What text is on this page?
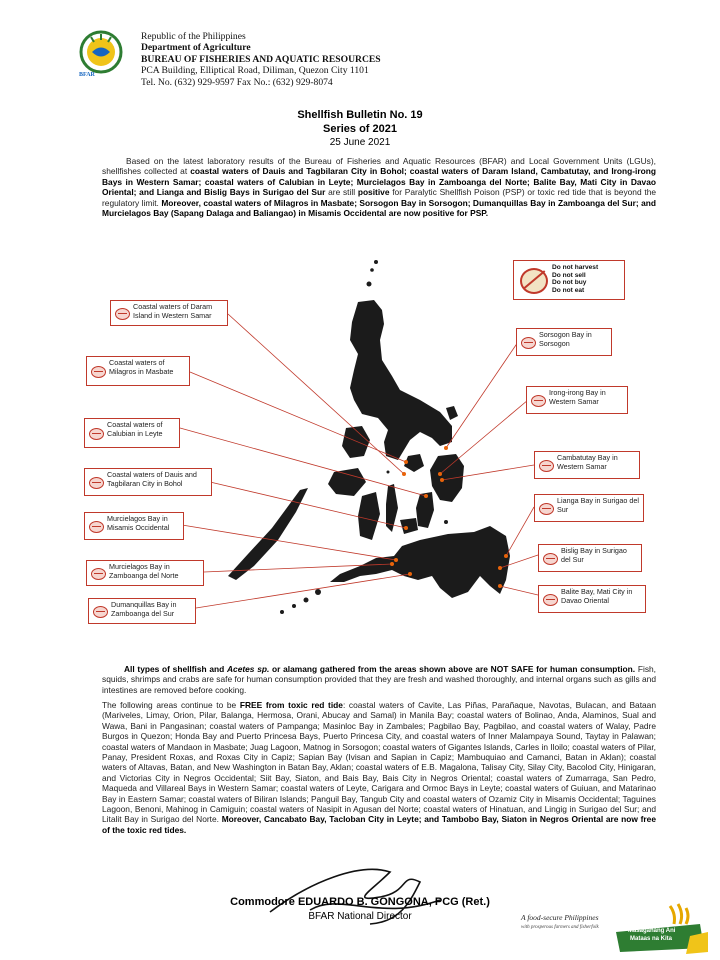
BFAR
Republic of the Philippines
Department of Agriculture
BUREAU OF FISHERIES AND AQUATIC RESOURCES
PCA Building, Elliptical Road, Diliman, Quezon City 1101
Tel. No. (632) 929-9597 Fax No.: (632) 929-8074
Shellfish Bulletin No. 19
Series of 2021
25 June 2021
Based on the latest laboratory results of the Bureau of Fisheries and Aquatic Resources (BFAR) and Local Government Units (LGUs), shellfishes collected at coastal waters of Dauis and Tagbilaran City in Bohol; coastal waters of Daram Island, Cambatutay, and Irong-irong Bays in Western Samar; coastal waters of Calubian in Leyte; Murcielagos Bay in Zamboanga del Norte; Balite Bay, Mati City in Davao Oriental; and Lianga and Bislig Bays in Surigao del Sur are still positive for Paralytic Shellfish Poison (PSP) or toxic red tide that is beyond the regulatory limit. Moreover, coastal waters of Milagros in Masbate; Sorsogon Bay in Sorsogon; Dumanquillas Bay in Zamboanga del Sur; and Murcielagos Bay (Sapang Dalaga and Baliangao) in Misamis Occidental are now positive for PSP.
Do not harvest
Do not sell
Do not buy
Do not eat
Coastal waters of Daram Island in Western Samar
Coastal waters of Milagros in Masbate
Coastal waters of Calubian in Leyte
Coastal waters of Dauis and Tagbilaran City in Bohol
Murcielagos Bay in Misamis Occidental
Murcielagos Bay in Zamboanga del Norte
Dumanquillas Bay in Zamboanga del Sur
Sorsogon Bay in Sorsogon
Irong-irong Bay in Western Samar
Cambatutay Bay in Western Samar
Lianga Bay in Surigao del Sur
Bislig Bay in Surigao del Sur
Balite Bay, Mati City in Davao Oriental
All types of shellfish and Acetes sp. or alamang gathered from the areas shown above are NOT SAFE for human consumption. Fish, squids, shrimps and crabs are safe for human consumption provided that they are fresh and washed thoroughly, and internal organs such as gills and intestines are removed before cooking.
The following areas continue to be FREE from toxic red tide: coastal waters of Cavite, Las Piñas, Parañaque, Navotas, Bulacan, and Bataan (Mariveles, Limay, Orion, Pilar, Balanga, Hermosa, Orani, Abucay and Samal) in Manila Bay; coastal waters of Bolinao, Anda, Alaminos, Sual and Wawa, Bani in Pangasinan; coastal waters of Pampanga; Masinloc Bay in Zambales; Pagbilao Bay, Pagbilao, and coastal waters of Walay, Padre Burgos in Quezon; Honda Bay and Puerto Princesa Bays, Puerto Princesa City, and coastal waters of Inner Malampaya Sound, Taytay in Palawan; coastal waters of Mandaon in Masbate; Juag Lagoon, Matnog in Sorsogon; coastal waters of Gigantes Islands, Carles in Iloilo; coastal waters of Pilar, Panay, President Roxas, and Roxas City in Capiz; Sapian Bay (Ivisan and Sapian in Capiz; Mambuquiao and Camanci, Batan in Aklan); coastal waters of Altavas, Batan, and New Washington in Batan Bay, Aklan; coastal waters of E.B. Magalona, Talisay City, Silay City, Bacolod City, Hinigaran, and Victorias City in Negros Occidental; Siit Bay, Siaton, and Bais Bay, Bais City in Negros Oriental; coastal waters of Zumarraga, San Pedro, Maqueda and Villareal Bays in Western Samar; coastal waters of Leyte, Carigara and Ormoc Bays in Leyte; coastal waters of Guiuan, and Matarinao Bay in Eastern Samar; coastal waters of Biliran Islands; Panguil Bay, Tangub City and coastal waters of Ozamiz City in Misamis Occidental; Taguines Lagoon, Benoni, Mahinog in Camiguin; coastal waters of Nasipit in Agusan del Norte; coastal waters of Hinatuan, and Lingig in Surigao del Sur; and Litalit Bay in Surigao del Norte. Moreover, Cancabato Bay, Tacloban City in Leyte; and Tambobo Bay, Siaton in Negros Oriental are now free of the toxic red tides.
Commodore EDUARDO B. GONGONA, PCG (Ret.)
BFAR National Director	A food-secure Philippines
with prosperous farmers and fisherfolk
Masaganang Ani
Mataas na Kita
